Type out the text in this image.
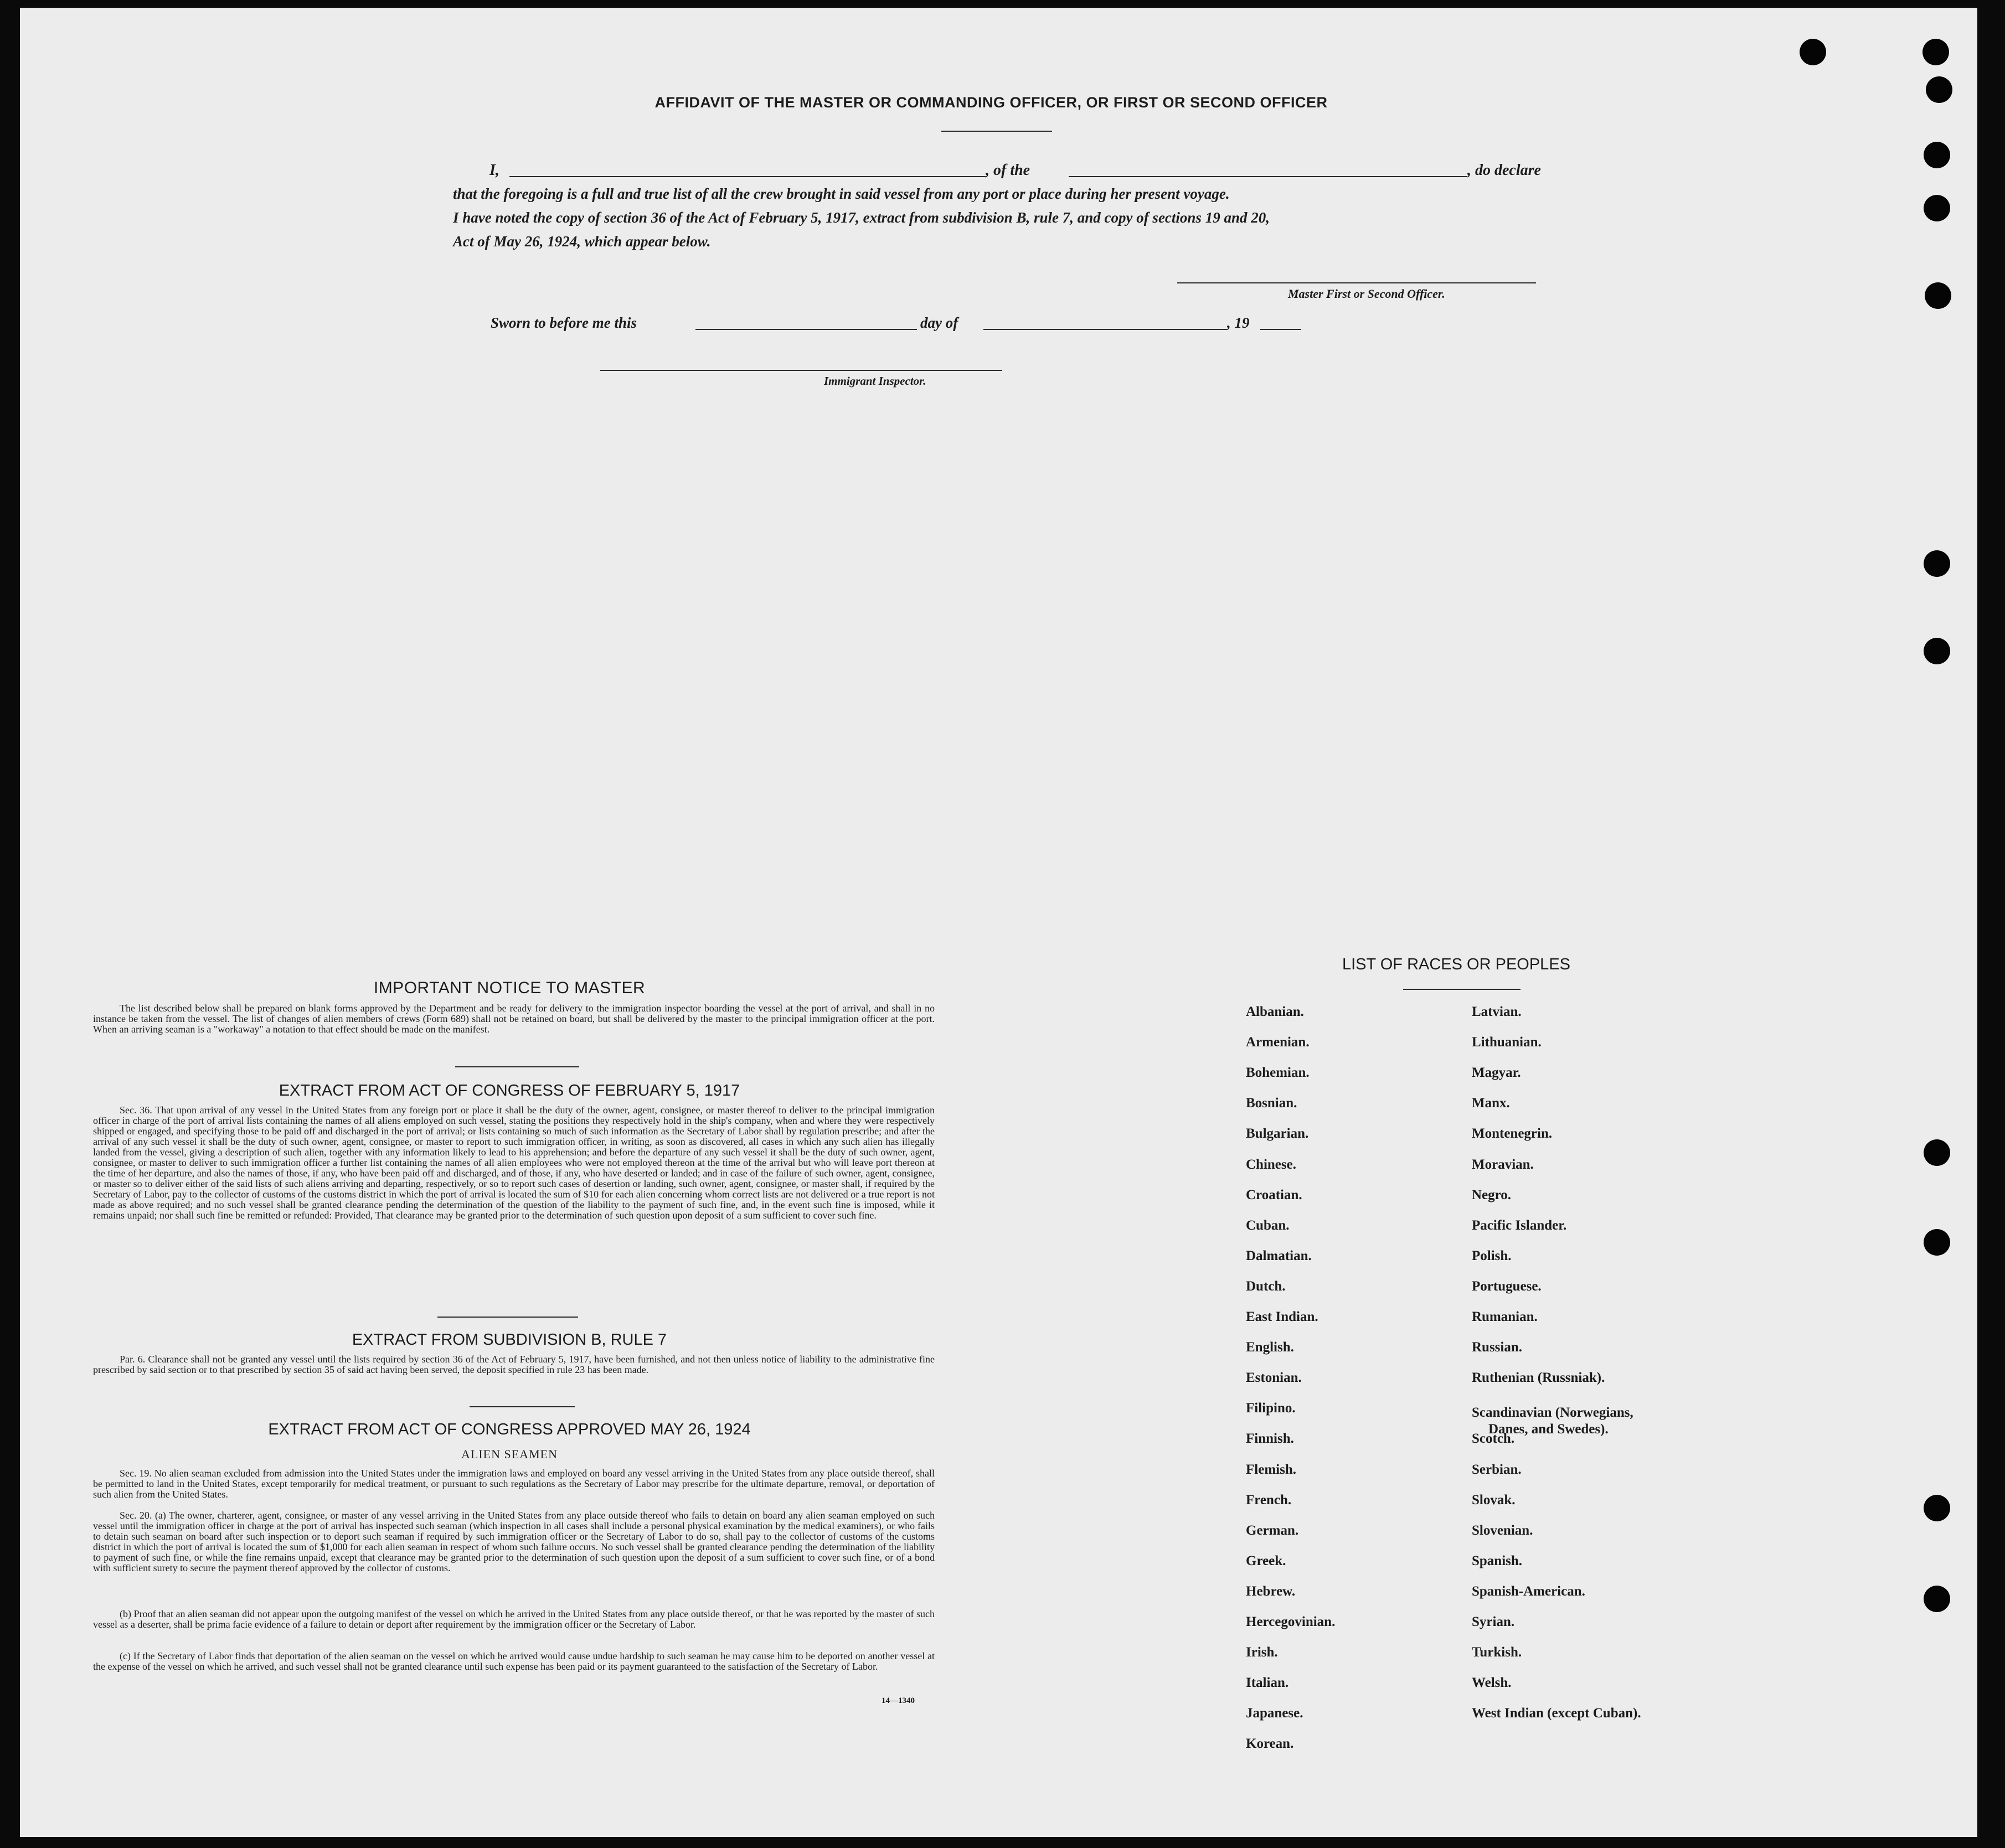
AFFIDAVIT OF THE MASTER OR COMMANDING OFFICER, OR FIRST OR SECOND OFFICER
I,	, of the	, do declare
that the foregoing is a full and true list of all the crew brought in said vessel from any port or place during her present voyage.
I have noted the copy of section 36 of the Act of February 5, 1917, extract from subdivision B, rule 7, and copy of sections 19 and 20,
Act of May 26, 1924, which appear below.
Master First or Second Officer.
Sworn to before me this	day of	, 19
Immigrant Inspector.
IMPORTANT NOTICE TO MASTER
The list described below shall be prepared on blank forms approved by the Department and be ready for delivery to the immigration inspector boarding the vessel at the port of arrival, and shall in no instance be taken from the vessel. The list of changes of alien members of crews (Form 689) shall not be retained on board, but shall be delivered by the master to the principal immigration officer at the port. When an arriving seaman is a "workaway" a notation to that effect should be made on the manifest.
EXTRACT FROM ACT OF CONGRESS OF FEBRUARY 5, 1917
Sec. 36. That upon arrival of any vessel in the United States from any foreign port or place it shall be the duty of the owner, agent, consignee, or master thereof to deliver to the principal immigration officer in charge of the port of arrival lists containing the names of all aliens employed on such vessel, stating the positions they respectively hold in the ship's company, when and where they were respectively shipped or engaged, and specifying those to be paid off and discharged in the port of arrival; or lists containing so much of such information as the Secretary of Labor shall by regulation prescribe; and after the arrival of any such vessel it shall be the duty of such owner, agent, consignee, or master to report to such immigration officer, in writing, as soon as discovered, all cases in which any such alien has illegally landed from the vessel, giving a description of such alien, together with any information likely to lead to his apprehension; and before the departure of any such vessel it shall be the duty of such owner, agent, consignee, or master to deliver to such immigration officer a further list containing the names of all alien employees who were not employed thereon at the time of the arrival but who will leave port thereon at the time of her departure, and also the names of those, if any, who have been paid off and discharged, and of those, if any, who have deserted or landed; and in case of the failure of such owner, agent, consignee, or master so to deliver either of the said lists of such aliens arriving and departing, respectively, or so to report such cases of desertion or landing, such owner, agent, consignee, or master shall, if required by the Secretary of Labor, pay to the collector of customs of the customs district in which the port of arrival is located the sum of $10 for each alien concerning whom correct lists are not delivered or a true report is not made as above required; and no such vessel shall be granted clearance pending the determination of the question of the liability to the payment of such fine, and, in the event such fine is imposed, while it remains unpaid; nor shall such fine be remitted or refunded: Provided, That clearance may be granted prior to the determination of such question upon deposit of a sum sufficient to cover such fine.
EXTRACT FROM SUBDIVISION B, RULE 7
Par. 6. Clearance shall not be granted any vessel until the lists required by section 36 of the Act of February 5, 1917, have been furnished, and not then unless notice of liability to the administrative fine prescribed by said section or to that prescribed by section 35 of said act having been served, the deposit specified in rule 23 has been made.
EXTRACT FROM ACT OF CONGRESS APPROVED MAY 26, 1924
ALIEN SEAMEN
Sec. 19. No alien seaman excluded from admission into the United States under the immigration laws and employed on board any vessel arriving in the United States from any place outside thereof, shall be permitted to land in the United States, except temporarily for medical treatment, or pursuant to such regulations as the Secretary of Labor may prescribe for the ultimate departure, removal, or deportation of such alien from the United States.
Sec. 20. (a) The owner, charterer, agent, consignee, or master of any vessel arriving in the United States from any place outside thereof who fails to detain on board any alien seaman employed on such vessel until the immigration officer in charge at the port of arrival has inspected such seaman (which inspection in all cases shall include a personal physical examination by the medical examiners), or who fails to detain such seaman on board after such inspection or to deport such seaman if required by such immigration officer or the Secretary of Labor to do so, shall pay to the collector of customs of the customs district in which the port of arrival is located the sum of $1,000 for each alien seaman in respect of whom such failure occurs. No such vessel shall be granted clearance pending the determination of the liability to payment of such fine, or while the fine remains unpaid, except that clearance may be granted prior to the determination of such question upon the deposit of a sum sufficient to cover such fine, or of a bond with sufficient surety to secure the payment thereof approved by the collector of customs.
(b) Proof that an alien seaman did not appear upon the outgoing manifest of the vessel on which he arrived in the United States from any place outside thereof, or that he was reported by the master of such vessel as a deserter, shall be prima facie evidence of a failure to detain or deport after requirement by the immigration officer or the Secretary of Labor.
(c) If the Secretary of Labor finds that deportation of the alien seaman on the vessel on which he arrived would cause undue hardship to such seaman he may cause him to be deported on another vessel at the expense of the vessel on which he arrived, and such vessel shall not be granted clearance until such expense has been paid or its payment guaranteed to the satisfaction of the Secretary of Labor.
14—1340
LIST OF RACES OR PEOPLES
Albanian.
Armenian.
Bohemian.
Bosnian.
Bulgarian.
Chinese.
Croatian.
Cuban.
Dalmatian.
Dutch.
East Indian.
English.
Estonian.
Filipino.
Finnish.
Flemish.
French.
German.
Greek.
Hebrew.
Hercegovinian.
Irish.
Italian.
Japanese.
Korean.
Latvian.
Lithuanian.
Magyar.
Manx.
Montenegrin.
Moravian.
Negro.
Pacific Islander.
Polish.
Portuguese.
Rumanian.
Russian.
Ruthenian (Russniak).
Scandinavian (Norwegians,
Danes, and Swedes).
Scotch.
Serbian.
Slovak.
Slovenian.
Spanish.
Spanish-American.
Syrian.
Turkish.
Welsh.
West Indian (except Cuban).
